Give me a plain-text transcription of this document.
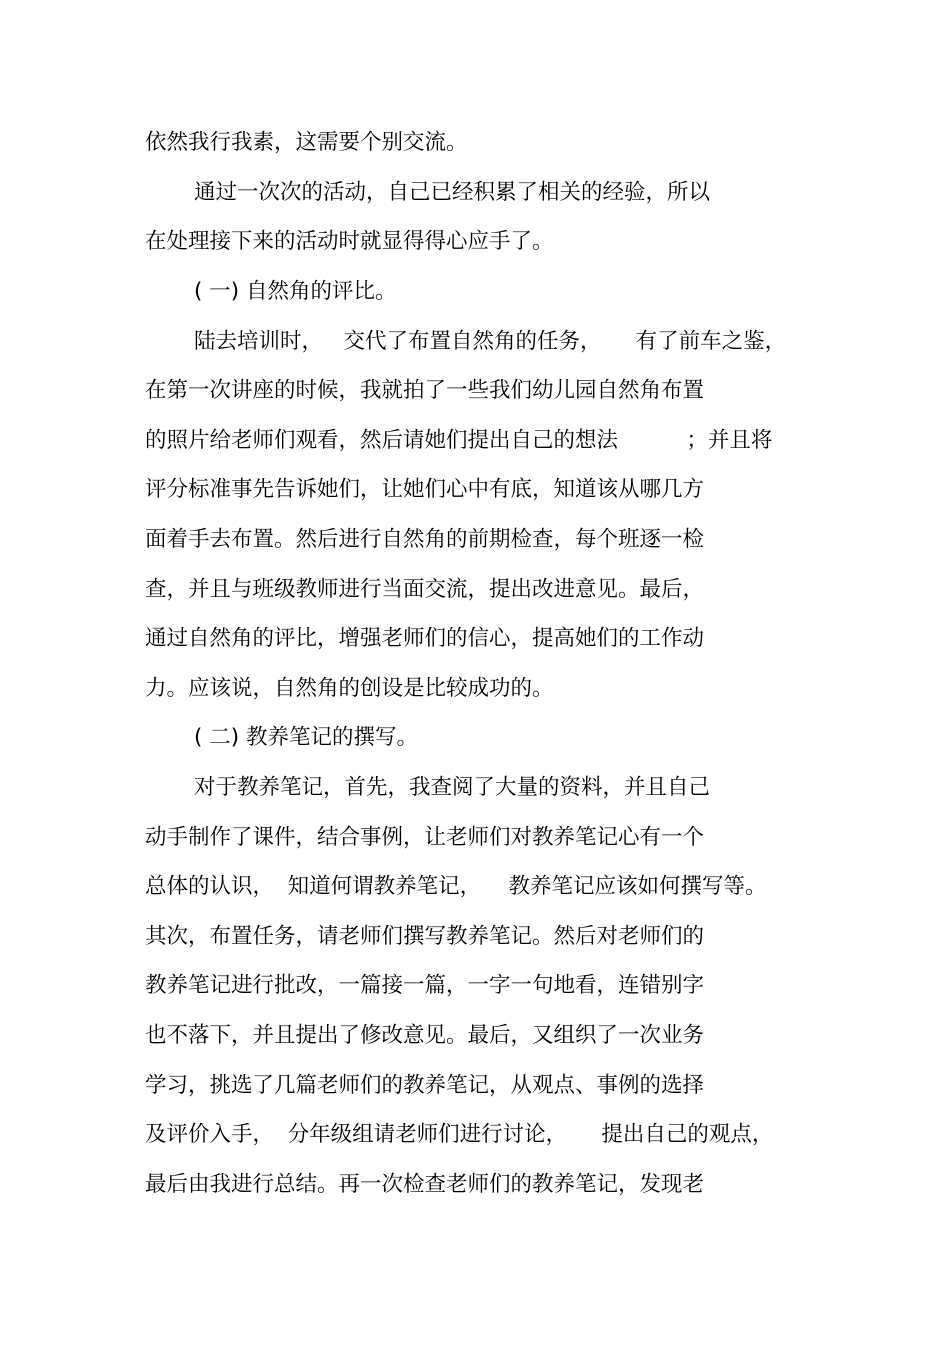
依然我行我素，这需要个别交流。
通过一次次的活动，自己已经积累了相关的经验，所以
在处理接下来的活动时就显得得心应手了。
( 一) 自然角的评比。
陆去培训时，   交代了布置自然角的任务，     有了前车之鉴，
在第一次讲座的时候，我就拍了一些我们幼儿园自然角布置
的照片给老师们观看，然后请她们提出自己的想法          ；并且将
评分标准事先告诉她们，让她们心中有底，知道该从哪几方
面着手去布置。然后进行自然角的前期检查，每个班逐一检
查，并且与班级教师进行当面交流，提出改进意见。最后，
通过自然角的评比，增强老师们的信心，提高她们的工作动
力。应该说，自然角的创设是比较成功的。
( 二) 教养笔记的撰写。
对于教养笔记，首先，我查阅了大量的资料，并且自己
动手制作了课件，结合事例，让老师们对教养笔记心有一个
总体的认识，  知道何谓教养笔记，    教养笔记应该如何撰写等。
其次，布置任务，请老师们撰写教养笔记。然后对老师们的
教养笔记进行批改，一篇接一篇，一字一句地看，连错别字
也不落下，并且提出了修改意见。最后，又组织了一次业务
学习，挑选了几篇老师们的教养笔记，从观点、事例的选择
及评价入手，  分年级组请老师们进行讨论，     提出自己的观点，
最后由我进行总结。再一次检查老师们的教养笔记，发现老
